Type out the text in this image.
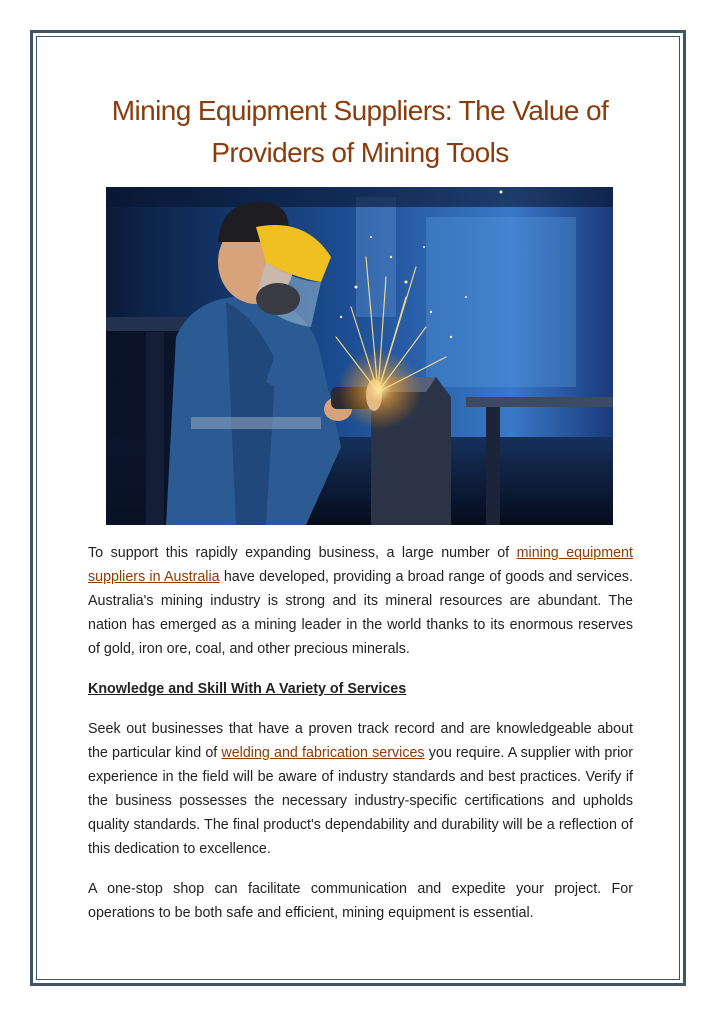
Mining Equipment Suppliers: The Value of
Providers of Mining Tools

To support this rapidly expanding business, a large number of mining equipment suppliers in Australia have developed, providing a broad range of goods and services. Australia's mining industry is strong and its mineral resources are abundant. The nation has emerged as a mining leader in the world thanks to its enormous reserves of gold, iron ore, coal, and other precious minerals.

Knowledge and Skill With A Variety of Services

Seek out businesses that have a proven track record and are knowledgeable about the particular kind of welding and fabrication services you require. A supplier with prior experience in the field will be aware of industry standards and best practices. Verify if the business possesses the necessary industry-specific certifications and upholds quality standards. The final product's dependability and durability will be a reflection of this dedication to excellence.

A one-stop shop can facilitate communication and expedite your project. For operations to be both safe and efficient, mining equipment is essential.
